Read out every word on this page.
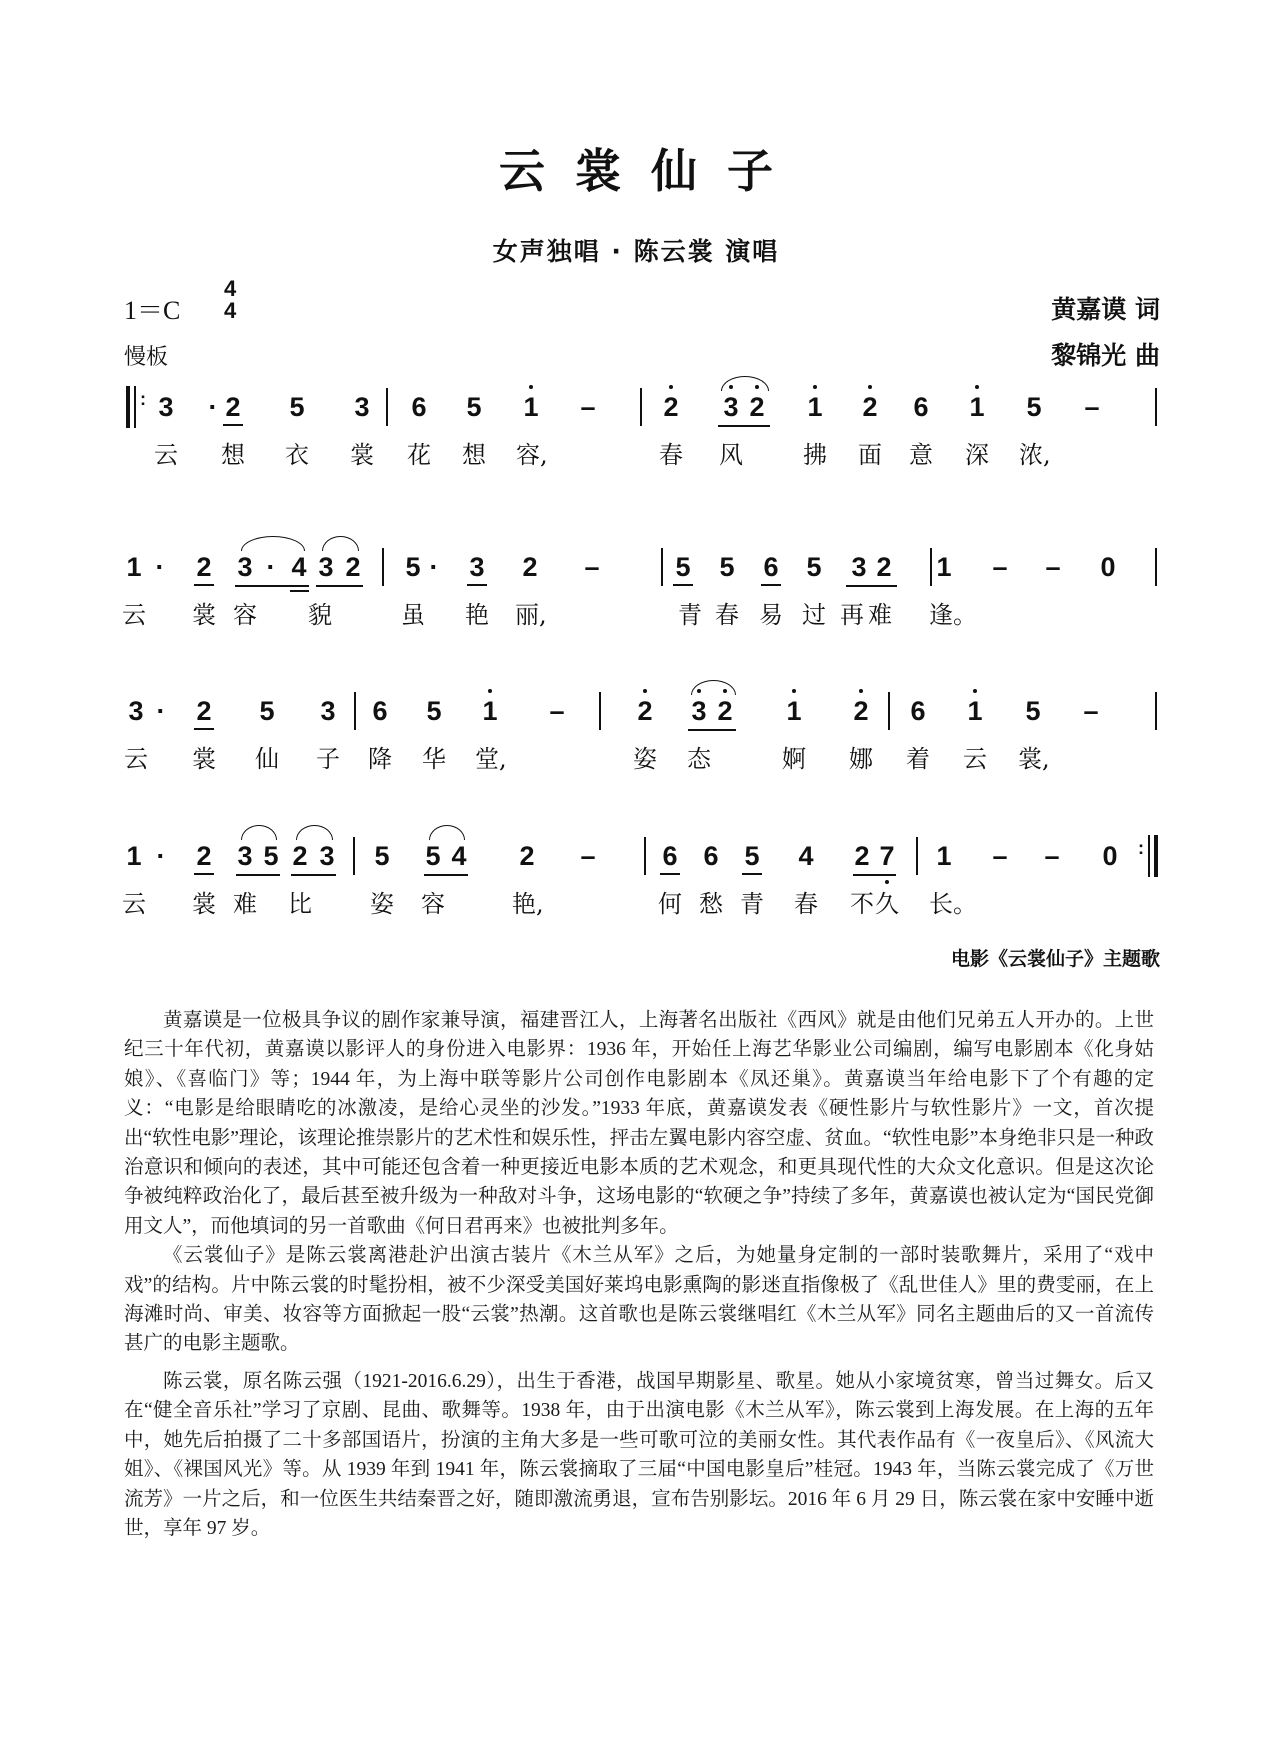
云裳仙子
女声独唱 · 陈云裳 演唱
1＝C
4
4
慢板
黄嘉谟 词
黎锦光 曲
: 3	· 2 5 3 6 5 1 –	2 3 2 1 2 6 1 5 –
云 想 衣 裳 花 想 容,	春 风	拂 面 意 深 浓,
1 ·	2 3 · 4 3 2 5 ·	3 2 –	5 5 6 5 3 2 1 – – 0
云 裳 容 貌	虽 艳 丽,	青 春 易 过 再 难 逢。
3 ·	2 5 3 6 5 1 –	2 3 2 1 2 6 1 5 –
云 裳 仙 子 降 华 堂,	姿 态	婀 娜 着 云 裳,
:
1 ·	2 3 5 2 3 5 5 4 2 – 6 6 5 4 2 7 1 – – 0
云 裳 难 比 姿 容	艳,	何 愁 青 春 不 久 长。
电影《云裳仙子》主题歌

黄嘉谟是一位极具争议的剧作家兼导演，福建晋江人，上海著名出版社《西风》就是由他们兄弟五人开办的。上世纪三十年代初，黄嘉谟以影评人的身份进入电影界：1936 年，开始任上海艺华影业公司编剧，编写电影剧本《化身姑娘》、《喜临门》等；1944 年，为上海中联等影片公司创作电影剧本《凤还巢》。黄嘉谟当年给电影下了个有趣的定义：“电影是给眼睛吃的冰激凌，是给心灵坐的沙发。”1933 年底，黄嘉谟发表《硬性影片与软性影片》一文，首次提出“软性电影”理论，该理论推崇影片的艺术性和娱乐性，抨击左翼电影内容空虚、贫血。“软性电影”本身绝非只是一种政治意识和倾向的表述，其中可能还包含着一种更接近电影本质的艺术观念，和更具现代性的大众文化意识。但是这次论争被纯粹政治化了，最后甚至被升级为一种敌对斗争，这场电影的“软硬之争”持续了多年，黄嘉谟也被认定为“国民党御用文人”，而他填词的另一首歌曲《何日君再来》也被批判多年。

《云裳仙子》是陈云裳离港赴沪出演古装片《木兰从军》之后，为她量身定制的一部时装歌舞片，采用了“戏中戏”的结构。片中陈云裳的时髦扮相，被不少深受美国好莱坞电影熏陶的影迷直指像极了《乱世佳人》里的费雯丽，在上海滩时尚、审美、妆容等方面掀起一股“云裳”热潮。这首歌也是陈云裳继唱红《木兰从军》同名主题曲后的又一首流传甚广的电影主题歌。

陈云裳，原名陈云强（1921-2016.6.29），出生于香港，战国早期影星、歌星。她从小家境贫寒，曾当过舞女。后又在“健全音乐社”学习了京剧、昆曲、歌舞等。1938 年，由于出演电影《木兰从军》，陈云裳到上海发展。在上海的五年中，她先后拍摄了二十多部国语片，扮演的主角大多是一些可歌可泣的美丽女性。其代表作品有《一夜皇后》、《风流大姐》、《裸国风光》等。从 1939 年到 1941 年，陈云裳摘取了三届“中国电影皇后”桂冠。1943 年，当陈云裳完成了《万世流芳》一片之后，和一位医生共结秦晋之好，随即激流勇退，宣布告别影坛。2016 年 6 月 29 日，陈云裳在家中安睡中逝世，享年 97 岁。
